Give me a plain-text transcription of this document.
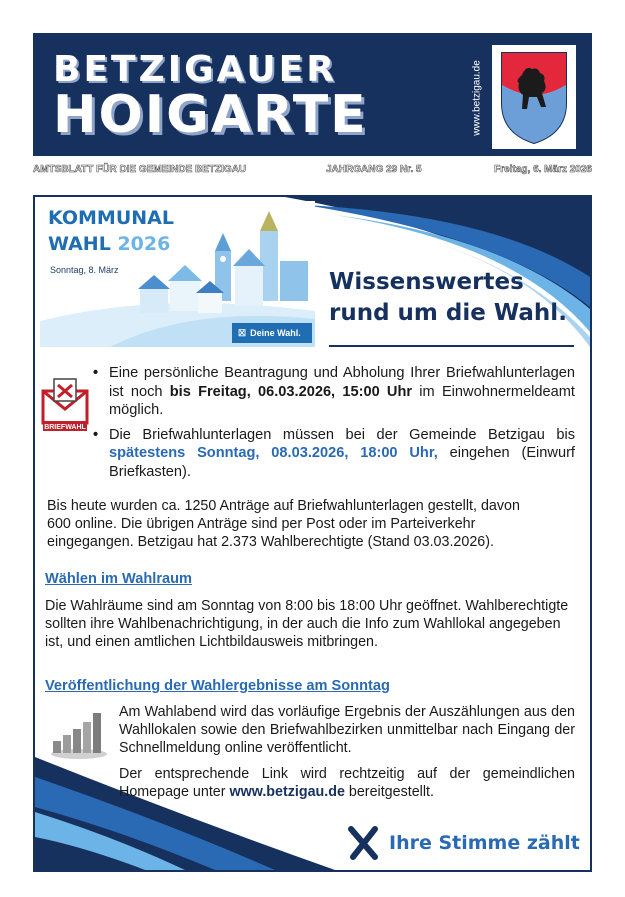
BETZIGAUER
HOIGARTE	www.betzigau.de
AMTSBLATT FÜR DIE GEMEINDE BETZIGAU	JAHRGANG 29 Nr. 5	Freitag, 6. März 2026
KOMMUNAL
WAHL 2026
Sonntag, 8. März
☒ Deine Wahl.
Wissenswertes
rund um die Wahl.
BRIEFWAHL
• Eine persönliche Beantragung und Abholung Ihrer Briefwahlunterlagen ist noch bis Freitag, 06.03.2026, 15:00 Uhr im Einwohnermeldeamt möglich.
• Die Briefwahlunterlagen müssen bei der Gemeinde Betzigau bis spätestens Sonntag, 08.03.2026, 18:00 Uhr, eingehen (Einwurf Briefkasten).
Bis heute wurden ca. 1250 Anträge auf Briefwahlunterlagen gestellt, davon 600 online. Die übrigen Anträge sind per Post oder im Parteiverkehr eingegangen. Betzigau hat 2.373 Wahlberechtigte (Stand 03.03.2026).
Wählen im Wahlraum
Die Wahlräume sind am Sonntag von 8:00 bis 18:00 Uhr geöffnet. Wahlberechtigte sollten ihre Wahlbenachrichtigung, in der auch die Info zum Wahllokal angegeben ist, und einen amtlichen Lichtbildausweis mitbringen.
Veröffentlichung der Wahlergebnisse am Sonntag
Am Wahlabend wird das vorläufige Ergebnis der Auszählungen aus den Wahllokalen sowie den Briefwahlbezirken unmittelbar nach Eingang der Schnellmeldung online veröffentlicht.
Der entsprechende Link wird rechtzeitig auf der gemeindlichen Homepage unter www.betzigau.de bereitgestellt.
Ihre Stimme zählt
